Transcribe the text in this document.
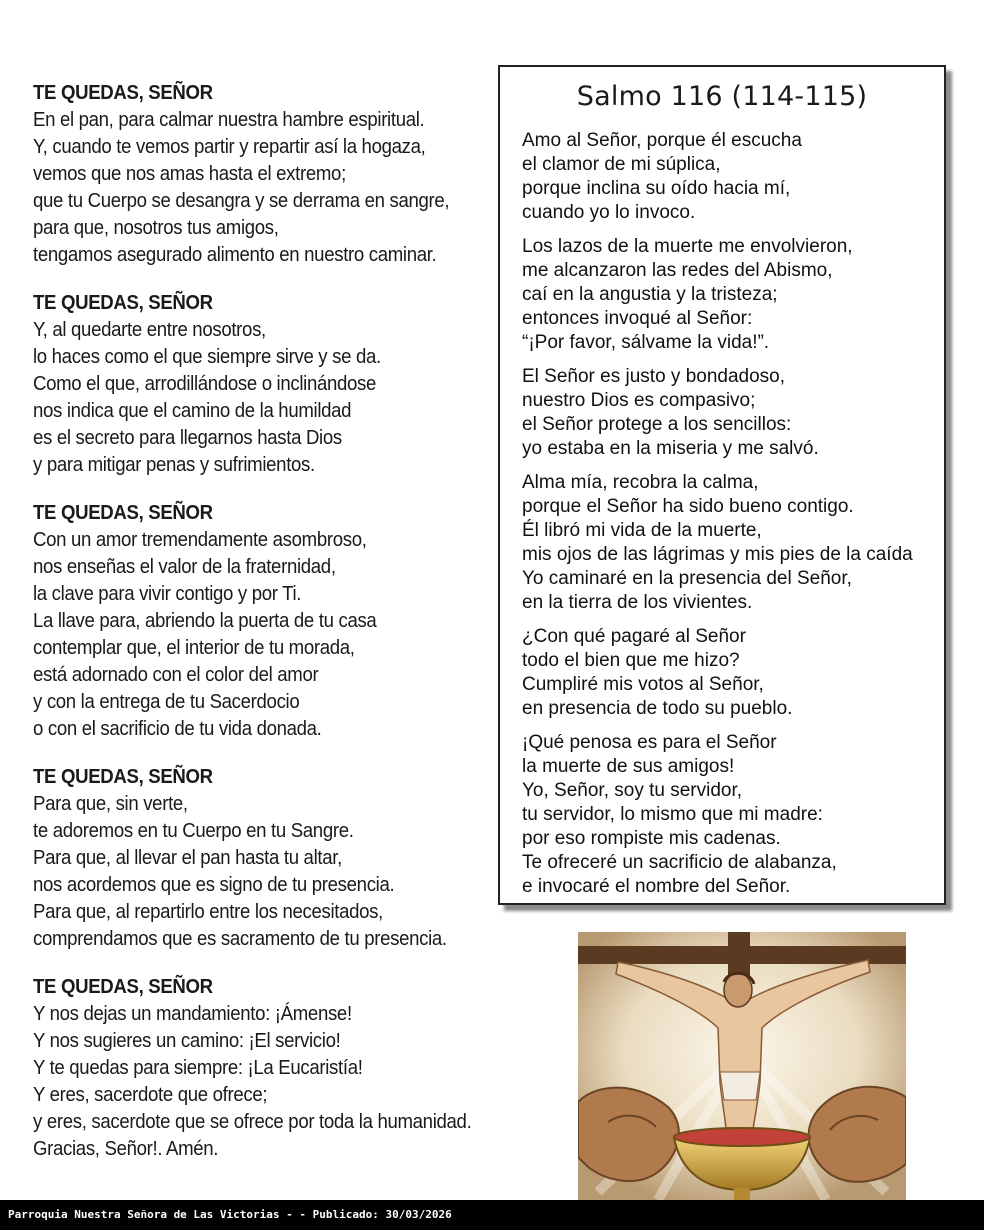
TE QUEDAS, SEÑOR
En el pan, para calmar nuestra hambre espiritual.
Y, cuando te vemos partir y repartir así la hogaza,
vemos que nos amas hasta el extremo;
que tu Cuerpo se desangra y se derrama en sangre,
para que, nosotros tus amigos,
tengamos asegurado alimento en nuestro caminar.
TE QUEDAS, SEÑOR
Y, al quedarte entre nosotros,
lo haces como el que siempre sirve y se da.
Como el que, arrodillándose o inclinándose
nos indica que el camino de la humildad
es el secreto para llegarnos hasta Dios
y para mitigar penas y sufrimientos.
TE QUEDAS, SEÑOR
Con un amor tremendamente asombroso,
nos enseñas el valor de la fraternidad,
la clave para vivir contigo y por Ti.
La llave para, abriendo la puerta de tu casa
contemplar que, el interior de tu morada,
está adornado con el color del amor
y con la entrega de tu Sacerdocio
o con el sacrificio de tu vida donada.
TE QUEDAS, SEÑOR
Para que, sin verte,
te adoremos en tu Cuerpo en tu Sangre.
Para que, al llevar el pan hasta tu altar,
nos acordemos que es signo de tu presencia.
Para que, al repartirlo entre los necesitados,
comprendamos que es sacramento de tu presencia.
TE QUEDAS, SEÑOR
Y nos dejas un mandamiento: ¡Ámense!
Y nos sugieres un camino: ¡El servicio!
Y te quedas para siempre: ¡La Eucaristía!
Y eres, sacerdote que ofrece;
y eres, sacerdote que se ofrece por toda la humanidad.
Gracias, Señor!. Amén.
Salmo 116 (114-115)
Amo al Señor, porque él escucha
el clamor de mi súplica,
porque inclina su oído hacia mí,
cuando yo lo invoco.
Los lazos de la muerte me envolvieron,
me alcanzaron las redes del Abismo,
caí en la angustia y la tristeza;
entonces invoqué al Señor:
“¡Por favor, sálvame la vida!”.
El Señor es justo y bondadoso,
nuestro Dios es compasivo;
el Señor protege a los sencillos:
yo estaba en la miseria y me salvó.
Alma mía, recobra la calma,
porque el Señor ha sido bueno contigo.
Él libró mi vida de la muerte,
mis ojos de las lágrimas y mis pies de la caída
Yo caminaré en la presencia del Señor,
en la tierra de los vivientes.
¿Con qué pagaré al Señor
todo el bien que me hizo?
Cumpliré mis votos al Señor,
en presencia de todo su pueblo.
¡Qué penosa es para el Señor
la muerte de sus amigos!
Yo, Señor, soy tu servidor,
tu servidor, lo mismo que mi madre:
por eso rompiste mis cadenas.
Te ofreceré un sacrificio de alabanza,
e invocaré el nombre del Señor.
Parroquia Nuestra Señora de Las Victorias - - Publicado: 30/03/2026
